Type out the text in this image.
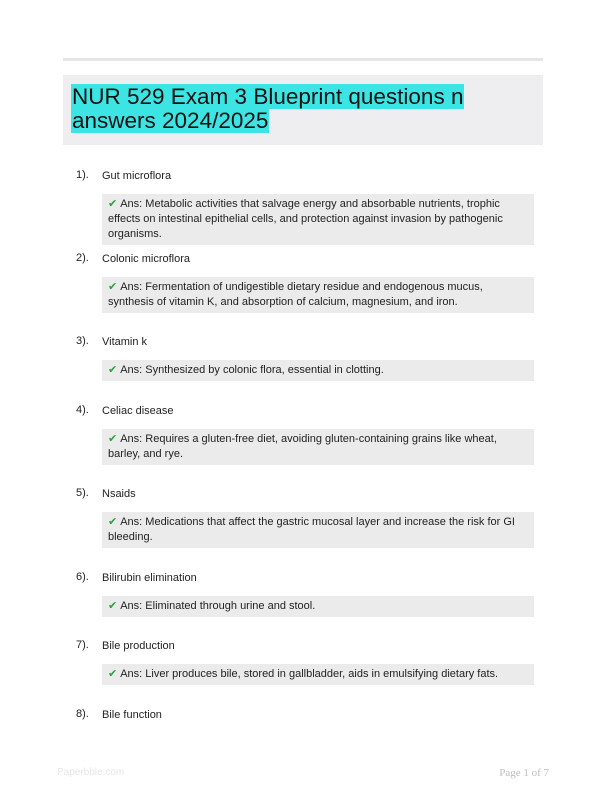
NUR 529 Exam 3 Blueprint questions n answers 2024/2025
1). Gut microflora
✔ Ans: Metabolic activities that salvage energy and absorbable nutrients, trophic effects on intestinal epithelial cells, and protection against invasion by pathogenic organisms.
2). Colonic microflora
✔ Ans: Fermentation of undigestible dietary residue and endogenous mucus, synthesis of vitamin K, and absorption of calcium, magnesium, and iron.
3). Vitamin k
✔ Ans: Synthesized by colonic flora, essential in clotting.
4). Celiac disease
✔ Ans: Requires a gluten-free diet, avoiding gluten-containing grains like wheat, barley, and rye.
5). Nsaids
✔ Ans: Medications that affect the gastric mucosal layer and increase the risk for GI bleeding.
6). Bilirubin elimination
✔ Ans: Eliminated through urine and stool.
7). Bile production
✔ Ans: Liver produces bile, stored in gallbladder, aids in emulsifying dietary fats.
8). Bile function
Paperbble.com	Page 1 of 7
